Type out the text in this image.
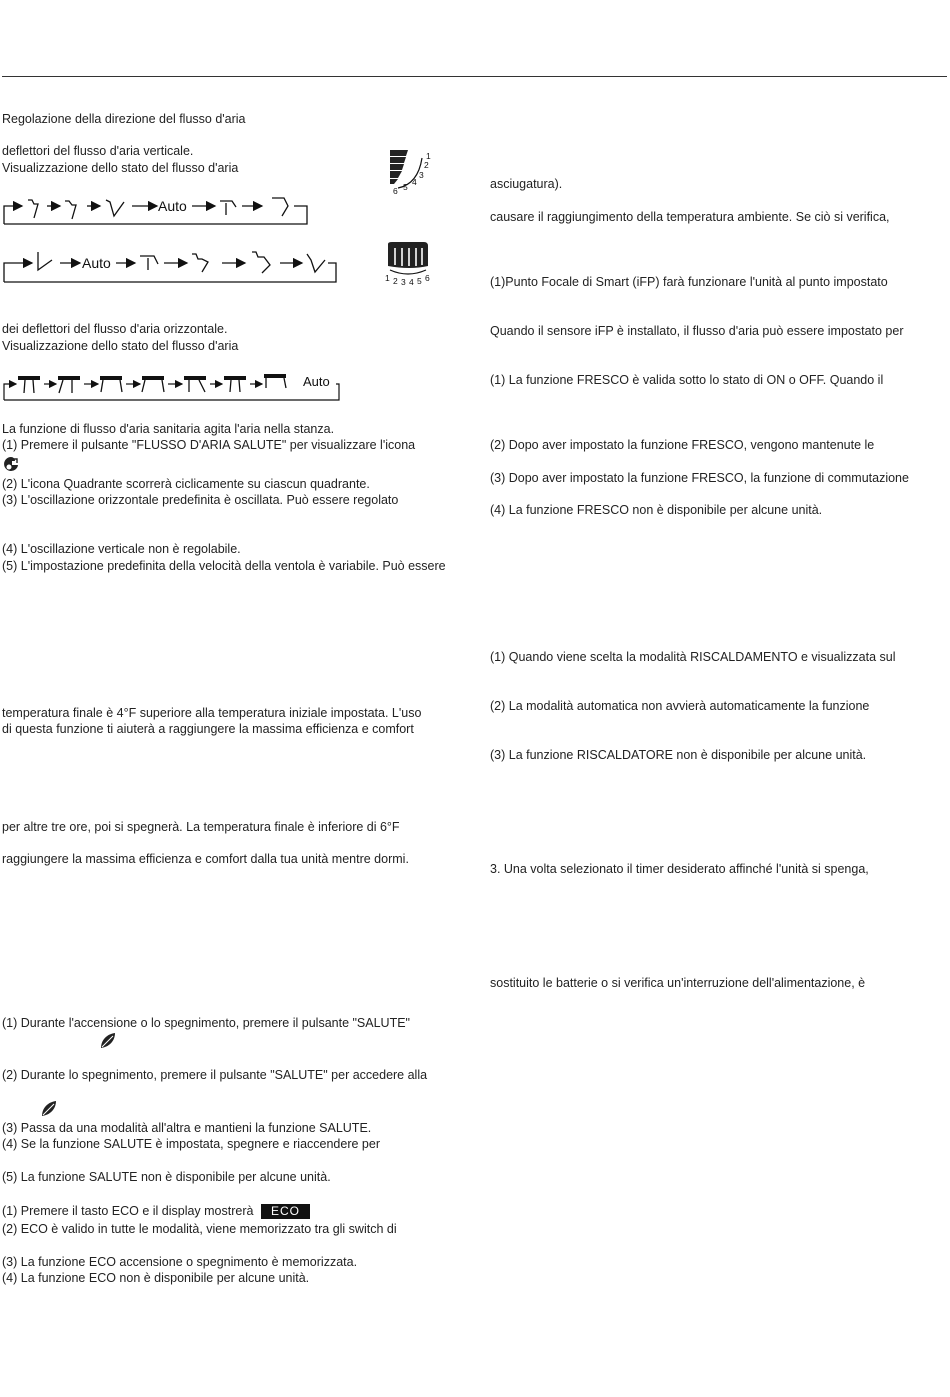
Regolazione della direzione del flusso d'aria
deflettori del flusso d'aria verticale.
Visualizzazione dello stato del flusso d'aria
Auto
1
2
3
4
5
6
Auto
1 2 3 4 5 6
dei deflettori del flusso d'aria orizzontale.
Visualizzazione dello stato del flusso d'aria
Auto
La funzione di flusso d'aria sanitaria agita l'aria nella stanza.
(1) Premere il pulsante "FLUSSO D'ARIA SALUTE" per visualizzare l'icona
(2) L'icona Quadrante scorrerà ciclicamente su ciascun quadrante.
(3) L'oscillazione orizzontale predefinita è oscillata. Può essere regolato
(4) L'oscillazione verticale non è regolabile.
(5) L'impostazione predefinita della velocità della ventola è variabile. Può essere
temperatura finale è 4°F superiore alla temperatura iniziale impostata. L'uso
di questa funzione ti aiuterà a raggiungere la massima efficienza e comfort
per altre tre ore, poi si spegnerà. La temperatura finale è inferiore di 6°F
raggiungere la massima efficienza e comfort dalla tua unità mentre dormi.
(1) Durante l'accensione o lo spegnimento, premere il pulsante "SALUTE"
(2) Durante lo spegnimento, premere il pulsante "SALUTE" per accedere alla
(3) Passa da una modalità all'altra e mantieni la funzione SALUTE.
(4) Se la funzione SALUTE è impostata, spegnere e riaccendere per
(5) La funzione SALUTE non è disponibile per alcune unità.
(1) Premere il tasto ECO e il display mostrerà ECO
(2) ECO è valido in tutte le modalità, viene memorizzato tra gli switch di
(3) La funzione ECO accensione o spegnimento è memorizzata.
(4) La funzione ECO non è disponibile per alcune unità.
asciugatura).
causare il raggiungimento della temperatura ambiente. Se ciò si verifica,
(1)Punto Focale di Smart (iFP) farà funzionare l'unità al punto impostato
Quando il sensore iFP è installato, il flusso d'aria può essere impostato per
(1) La funzione FRESCO è valida sotto lo stato di ON o OFF. Quando il
(2) Dopo aver impostato la funzione FRESCO, vengono mantenute le
(3) Dopo aver impostato la funzione FRESCO, la funzione di commutazione
(4) La funzione FRESCO non è disponibile per alcune unità.
(1) Quando viene scelta la modalità RISCALDAMENTO e visualizzata sul
(2) La modalità automatica non avvierà automaticamente la funzione
(3) La funzione RISCALDATORE non è disponibile per alcune unità.
3. Una volta selezionato il timer desiderato affinché l'unità si spenga,
sostituito le batterie o si verifica un'interruzione dell'alimentazione, è
